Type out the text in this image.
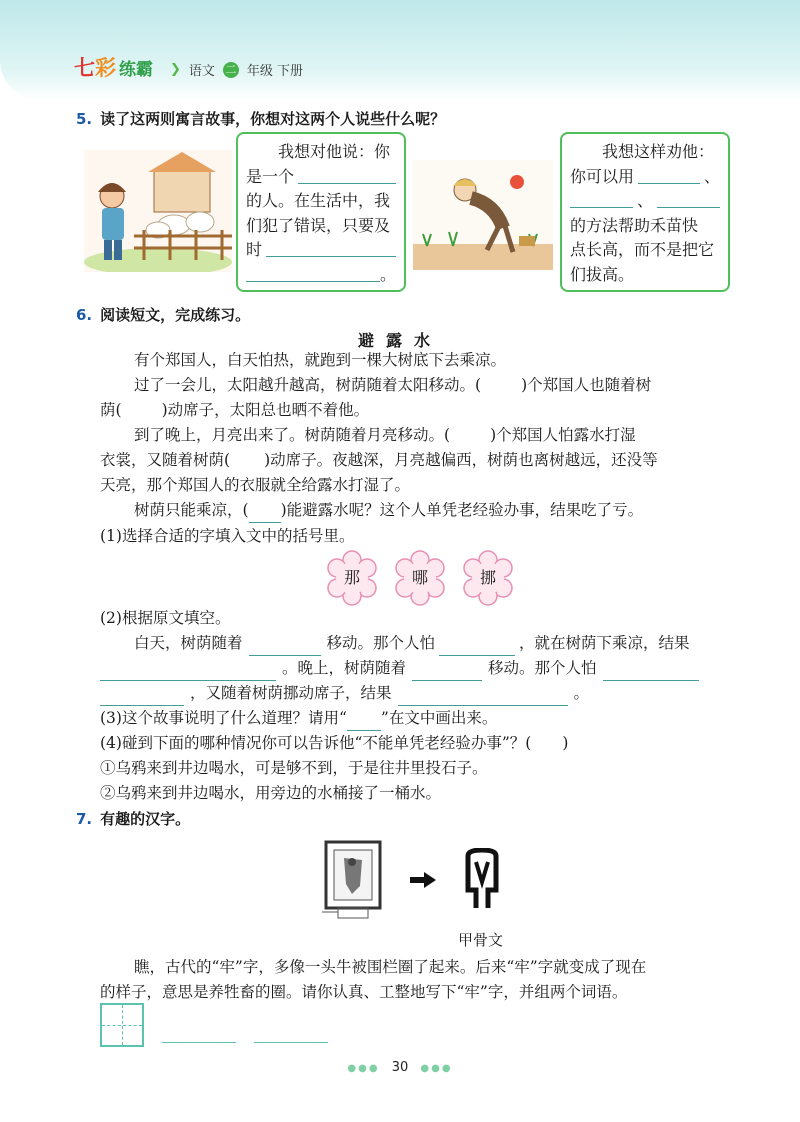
七彩 练霸 ❯ 语文 二 年级 下册
5. 读了这两则寓言故事，你想对这两个人说些什么呢？
我想对他说：你
是一个
的人。在生活中，我
们犯了错误，只要及
时
。
我想这样劝他：
你可以用	、
、
的方法帮助禾苗快
点长高，而不是把它
们拔高。
6. 阅读短文，完成练习。
避露水
有个郑国人，白天怕热，就跑到一棵大树底下去乘凉。
过了一会儿，太阳越升越高，树荫随着太阳移动。(	)个郑国人也随着树
荫(	)动席子，太阳总也晒不着他。
到了晚上，月亮出来了。树荫随着月亮移动。(	)个郑国人怕露水打湿
衣裳，又随着树荫( )动席子。夜越深，月亮越偏西，树荫也离树越远，还没等
天亮，那个郑国人的衣服就全给露水打湿了。
树荫只能乘凉，( )能避露水呢？这个人单凭老经验办事，结果吃了亏。
(1)选择合适的字填入文中的括号里。
那	哪	挪
(2)根据原文填空。
白天，树荫随着	移动。那个人怕	，就在树荫下乘凉，结果
。晚上，树荫随着	移动。那个人怕
，又随着树荫挪动席子，结果	。
(3)这个故事说明了什么道理？请用“ ”在文中画出来。
(4)碰到下面的哪种情况你可以告诉他“不能单凭老经验办事”？(　　)
①乌鸦来到井边喝水，可是够不到，于是往井里投石子。
②乌鸦来到井边喝水，用旁边的水桶接了一桶水。
7. 有趣的汉字。
甲骨文
瞧，古代的“牢”字，多像一头牛被围栏圈了起来。后来“牢”字就变成了现在
的样子，意思是养牲畜的圈。请你认真、工整地写下“牢”字，并组两个词语。
●●● 30 ●●●
